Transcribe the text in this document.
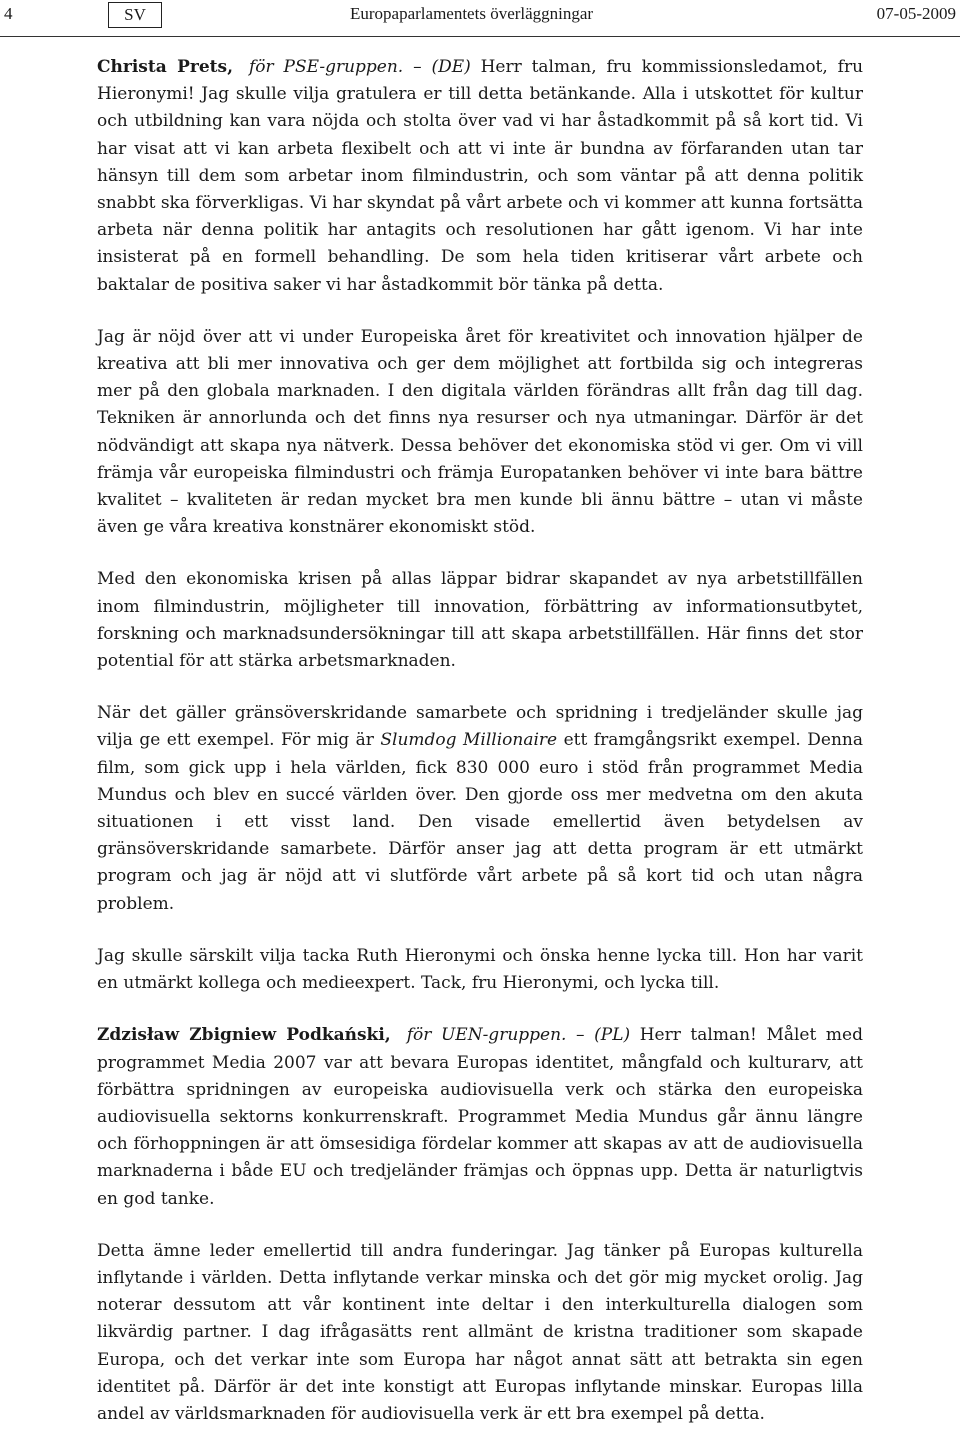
4	SV	Europaparlamentets överläggningar	07-05-2009

Christa Prets, för PSE-gruppen. – (DE) Herr talman, fru kommissionsledamot, fru Hieronymi! Jag skulle vilja gratulera er till detta betänkande. Alla i utskottet för kultur och utbildning kan vara nöjda och stolta över vad vi har åstadkommit på så kort tid. Vi har visat att vi kan arbeta flexibelt och att vi inte är bundna av förfaranden utan tar hänsyn till dem som arbetar inom filmindustrin, och som väntar på att denna politik snabbt ska förverkligas. Vi har skyndat på vårt arbete och vi kommer att kunna fortsätta arbeta när denna politik har antagits och resolutionen har gått igenom. Vi har inte insisterat på en formell behandling. De som hela tiden kritiserar vårt arbete och baktalar de positiva saker vi har åstadkommit bör tänka på detta.

Jag är nöjd över att vi under Europeiska året för kreativitet och innovation hjälper de kreativa att bli mer innovativa och ger dem möjlighet att fortbilda sig och integreras mer på den globala marknaden. I den digitala världen förändras allt från dag till dag. Tekniken är annorlunda och det finns nya resurser och nya utmaningar. Därför är det nödvändigt att skapa nya nätverk. Dessa behöver det ekonomiska stöd vi ger. Om vi vill främja vår europeiska filmindustri och främja Europatanken behöver vi inte bara bättre kvalitet – kvaliteten är redan mycket bra men kunde bli ännu bättre – utan vi måste även ge våra kreativa konstnärer ekonomiskt stöd.

Med den ekonomiska krisen på allas läppar bidrar skapandet av nya arbetstillfällen inom filmindustrin, möjligheter till innovation, förbättring av informationsutbytet, forskning och marknadsundersökningar till att skapa arbetstillfällen. Här finns det stor potential för att stärka arbetsmarknaden.

När det gäller gränsöverskridande samarbete och spridning i tredjeländer skulle jag vilja ge ett exempel. För mig är Slumdog Millionaire ett framgångsrikt exempel. Denna film, som gick upp i hela världen, fick 830 000 euro i stöd från programmet Media Mundus och blev en succé världen över. Den gjorde oss mer medvetna om den akuta situationen i ett visst land. Den visade emellertid även betydelsen av gränsöverskridande samarbete. Därför anser jag att detta program är ett utmärkt program och jag är nöjd att vi slutförde vårt arbete på så kort tid och utan några problem.

Jag skulle särskilt vilja tacka Ruth Hieronymi och önska henne lycka till. Hon har varit en utmärkt kollega och medieexpert. Tack, fru Hieronymi, och lycka till.

Zdzisław Zbigniew Podkański, för UEN-gruppen. – (PL) Herr talman! Målet med programmet Media 2007 var att bevara Europas identitet, mångfald och kulturarv, att förbättra spridningen av europeiska audiovisuella verk och stärka den europeiska audiovisuella sektorns konkurrenskraft. Programmet Media Mundus går ännu längre och förhoppningen är att ömsesidiga fördelar kommer att skapas av att de audiovisuella marknaderna i både EU och tredjeländer främjas och öppnas upp. Detta är naturligtvis en god tanke.

Detta ämne leder emellertid till andra funderingar. Jag tänker på Europas kulturella inflytande i världen. Detta inflytande verkar minska och det gör mig mycket orolig. Jag noterar dessutom att vår kontinent inte deltar i den interkulturella dialogen som likvärdig partner. I dag ifrågasätts rent allmänt de kristna traditioner som skapade Europa, och det verkar inte som Europa har något annat sätt att betrakta sin egen identitet på. Därför är det inte konstigt att Europas inflytande minskar. Europas lilla andel av världsmarknaden för audiovisuella verk är ett bra exempel på detta.
